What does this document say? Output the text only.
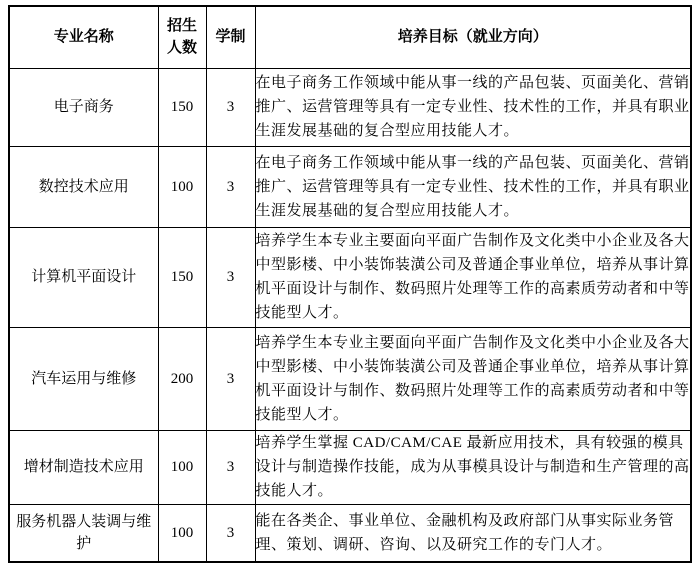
专业名称	招生人数	学制	培养目标（就业方向）
电子商务	150	3	在电子商务工作领域中能从事一线的产品包装、页面美化、营销推广、运营管理等具有一定专业性、技术性的工作，并具有职业生涯发展基础的复合型应用技能人才。
数控技术应用	100	3	在电子商务工作领域中能从事一线的产品包装、页面美化、营销推广、运营管理等具有一定专业性、技术性的工作，并具有职业生涯发展基础的复合型应用技能人才。
计算机平面设计	150	3	培养学生本专业主要面向平面广告制作及文化类中小企业及各大中型影楼、中小装饰装潢公司及普通企事业单位，培养从事计算机平面设计与制作、数码照片处理等工作的高素质劳动者和中等技能型人才。
汽车运用与维修	200	3	培养学生本专业主要面向平面广告制作及文化类中小企业及各大中型影楼、中小装饰装潢公司及普通企事业单位，培养从事计算机平面设计与制作、数码照片处理等工作的高素质劳动者和中等技能型人才。
增材制造技术应用	100	3	培养学生掌握 CAD/CAM/CAE 最新应用技术，具有较强的模具设计与制造操作技能，成为从事模具设计与制造和生产管理的高技能人才。
服务机器人装调与维护	100	3	能在各类企、事业单位、金融机构及政府部门从事实际业务管理、策划、调研、咨询、以及研究工作的专门人才。
